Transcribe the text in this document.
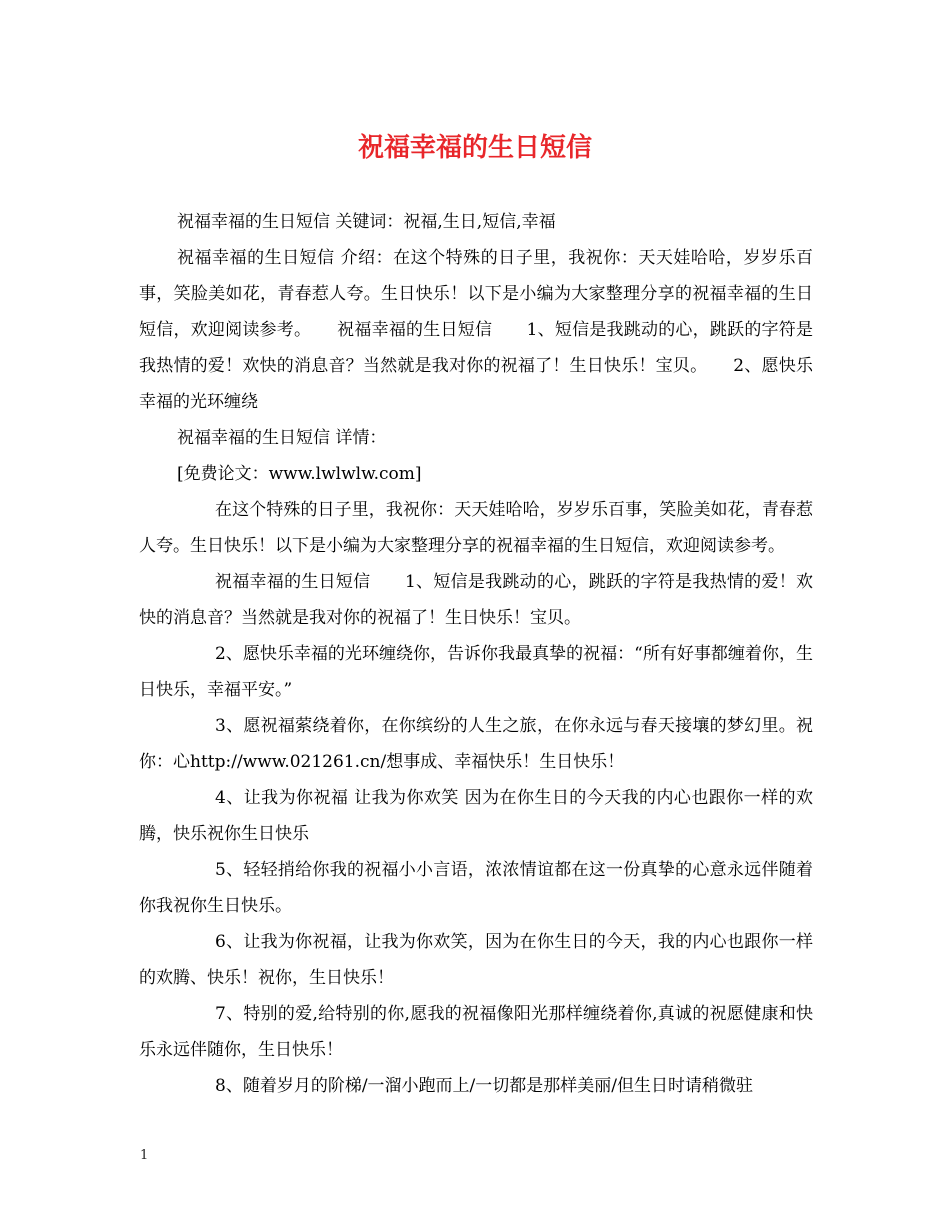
祝福幸福的生日短信

祝福幸福的生日短信 关键词：祝福,生日,短信,幸福

祝福幸福的生日短信 介绍：在这个特殊的日子里，我祝你：天天娃哈哈，岁岁乐百事，笑脸美如花，青春惹人夸。生日快乐！以下是小编为大家整理分享的祝福幸福的生日短信，欢迎阅读参考。　　祝福幸福的生日短信　　1、短信是我跳动的心，跳跃的字符是我热情的爱！欢快的消息音？当然就是我对你的祝福了！生日快乐！宝贝。　　2、愿快乐幸福的光环缠绕

祝福幸福的生日短信 详情：

[免费论文：www.lwlwlw.com]

在这个特殊的日子里，我祝你：天天娃哈哈，岁岁乐百事，笑脸美如花，青春惹人夸。生日快乐！以下是小编为大家整理分享的祝福幸福的生日短信，欢迎阅读参考。

祝福幸福的生日短信　　1、短信是我跳动的心，跳跃的字符是我热情的爱！欢快的消息音？当然就是我对你的祝福了！生日快乐！宝贝。

2、愿快乐幸福的光环缠绕你，告诉你我最真挚的祝福：“所有好事都缠着你，生日快乐，幸福平安。”

3、愿祝福萦绕着你，在你缤纷的人生之旅，在你永远与春天接壤的梦幻里。祝你：心http://www.021261.cn/想事成、幸福快乐！生日快乐！

4、让我为你祝福 让我为你欢笑 因为在你生日的今天我的内心也跟你一样的欢腾，快乐祝你生日快乐

5、轻轻捎给你我的祝福小小言语，浓浓情谊都在这一份真挚的心意永远伴随着你我祝你生日快乐。

6、让我为你祝福，让我为你欢笑，因为在你生日的今天，我的内心也跟你一样的欢腾、快乐！祝你，生日快乐！

7、特别的爱,给特别的你,愿我的祝福像阳光那样缠绕着你,真诚的祝愿健康和快乐永远伴随你，生日快乐！

8、随着岁月的阶梯/一溜小跑而上/一切都是那样美丽/但生日时请稍微驻

1
